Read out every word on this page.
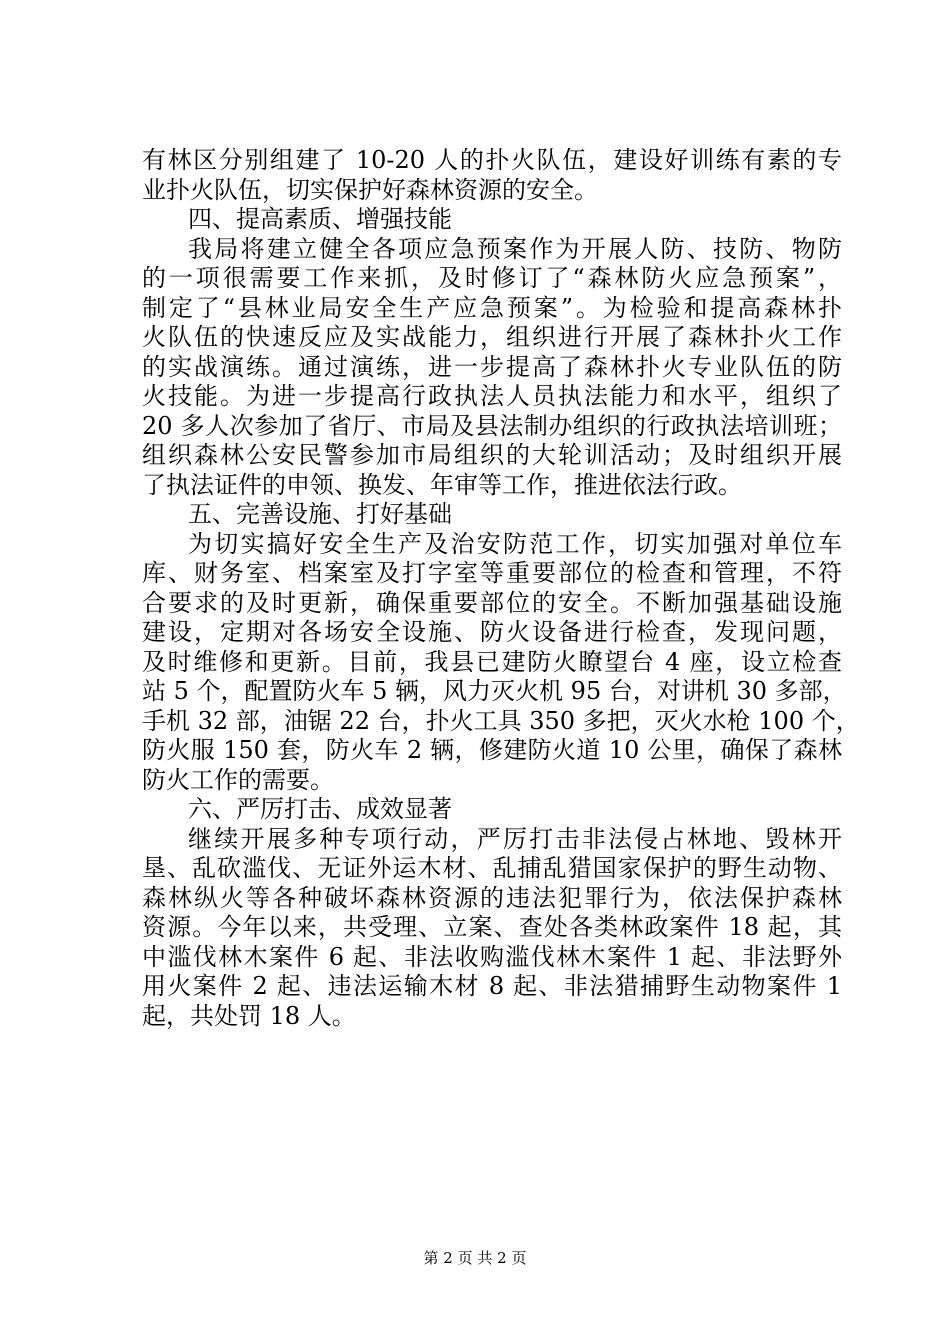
有林区分别组建了 10-20 人的扑火队伍，建设好训练有素的专
业扑火队伍，切实保护好森林资源的安全。
四、提高素质、增强技能
我局将建立健全各项应急预案作为开展人防、技防、物防
的一项很需要工作来抓，及时修订了“森林防火应急预案”，
制定了“县林业局安全生产应急预案”。为检验和提高森林扑
火队伍的快速反应及实战能力，组织进行开展了森林扑火工作
的实战演练。通过演练，进一步提高了森林扑火专业队伍的防
火技能。为进一步提高行政执法人员执法能力和水平，组织了
20 多人次参加了省厅、市局及县法制办组织的行政执法培训班；
组织森林公安民警参加市局组织的大轮训活动；及时组织开展
了执法证件的申领、换发、年审等工作，推进依法行政。
五、完善设施、打好基础
为切实搞好安全生产及治安防范工作，切实加强对单位车
库、财务室、档案室及打字室等重要部位的检查和管理，不符
合要求的及时更新，确保重要部位的安全。不断加强基础设施
建设，定期对各场安全设施、防火设备进行检查，发现问题，
及时维修和更新。目前，我县已建防火瞭望台 4 座，设立检查
站 5 个，配置防火车 5 辆，风力灭火机 95 台，对讲机 30 多部，
手机 32 部，油锯 22 台，扑火工具 350 多把，灭火水枪 100 个，
防火服 150 套，防火车 2 辆，修建防火道 10 公里，确保了森林
防火工作的需要。
六、严厉打击、成效显著
继续开展多种专项行动，严厉打击非法侵占林地、毁林开
垦、乱砍滥伐、无证外运木材、乱捕乱猎国家保护的野生动物、
森林纵火等各种破坏森林资源的违法犯罪行为，依法保护森林
资源。今年以来，共受理、立案、查处各类林政案件 18 起，其
中滥伐林木案件 6 起、非法收购滥伐林木案件 1 起、非法野外
用火案件 2 起、违法运输木材 8 起、非法猎捕野生动物案件 1
起，共处罚 18 人。
第 2 页 共 2 页
